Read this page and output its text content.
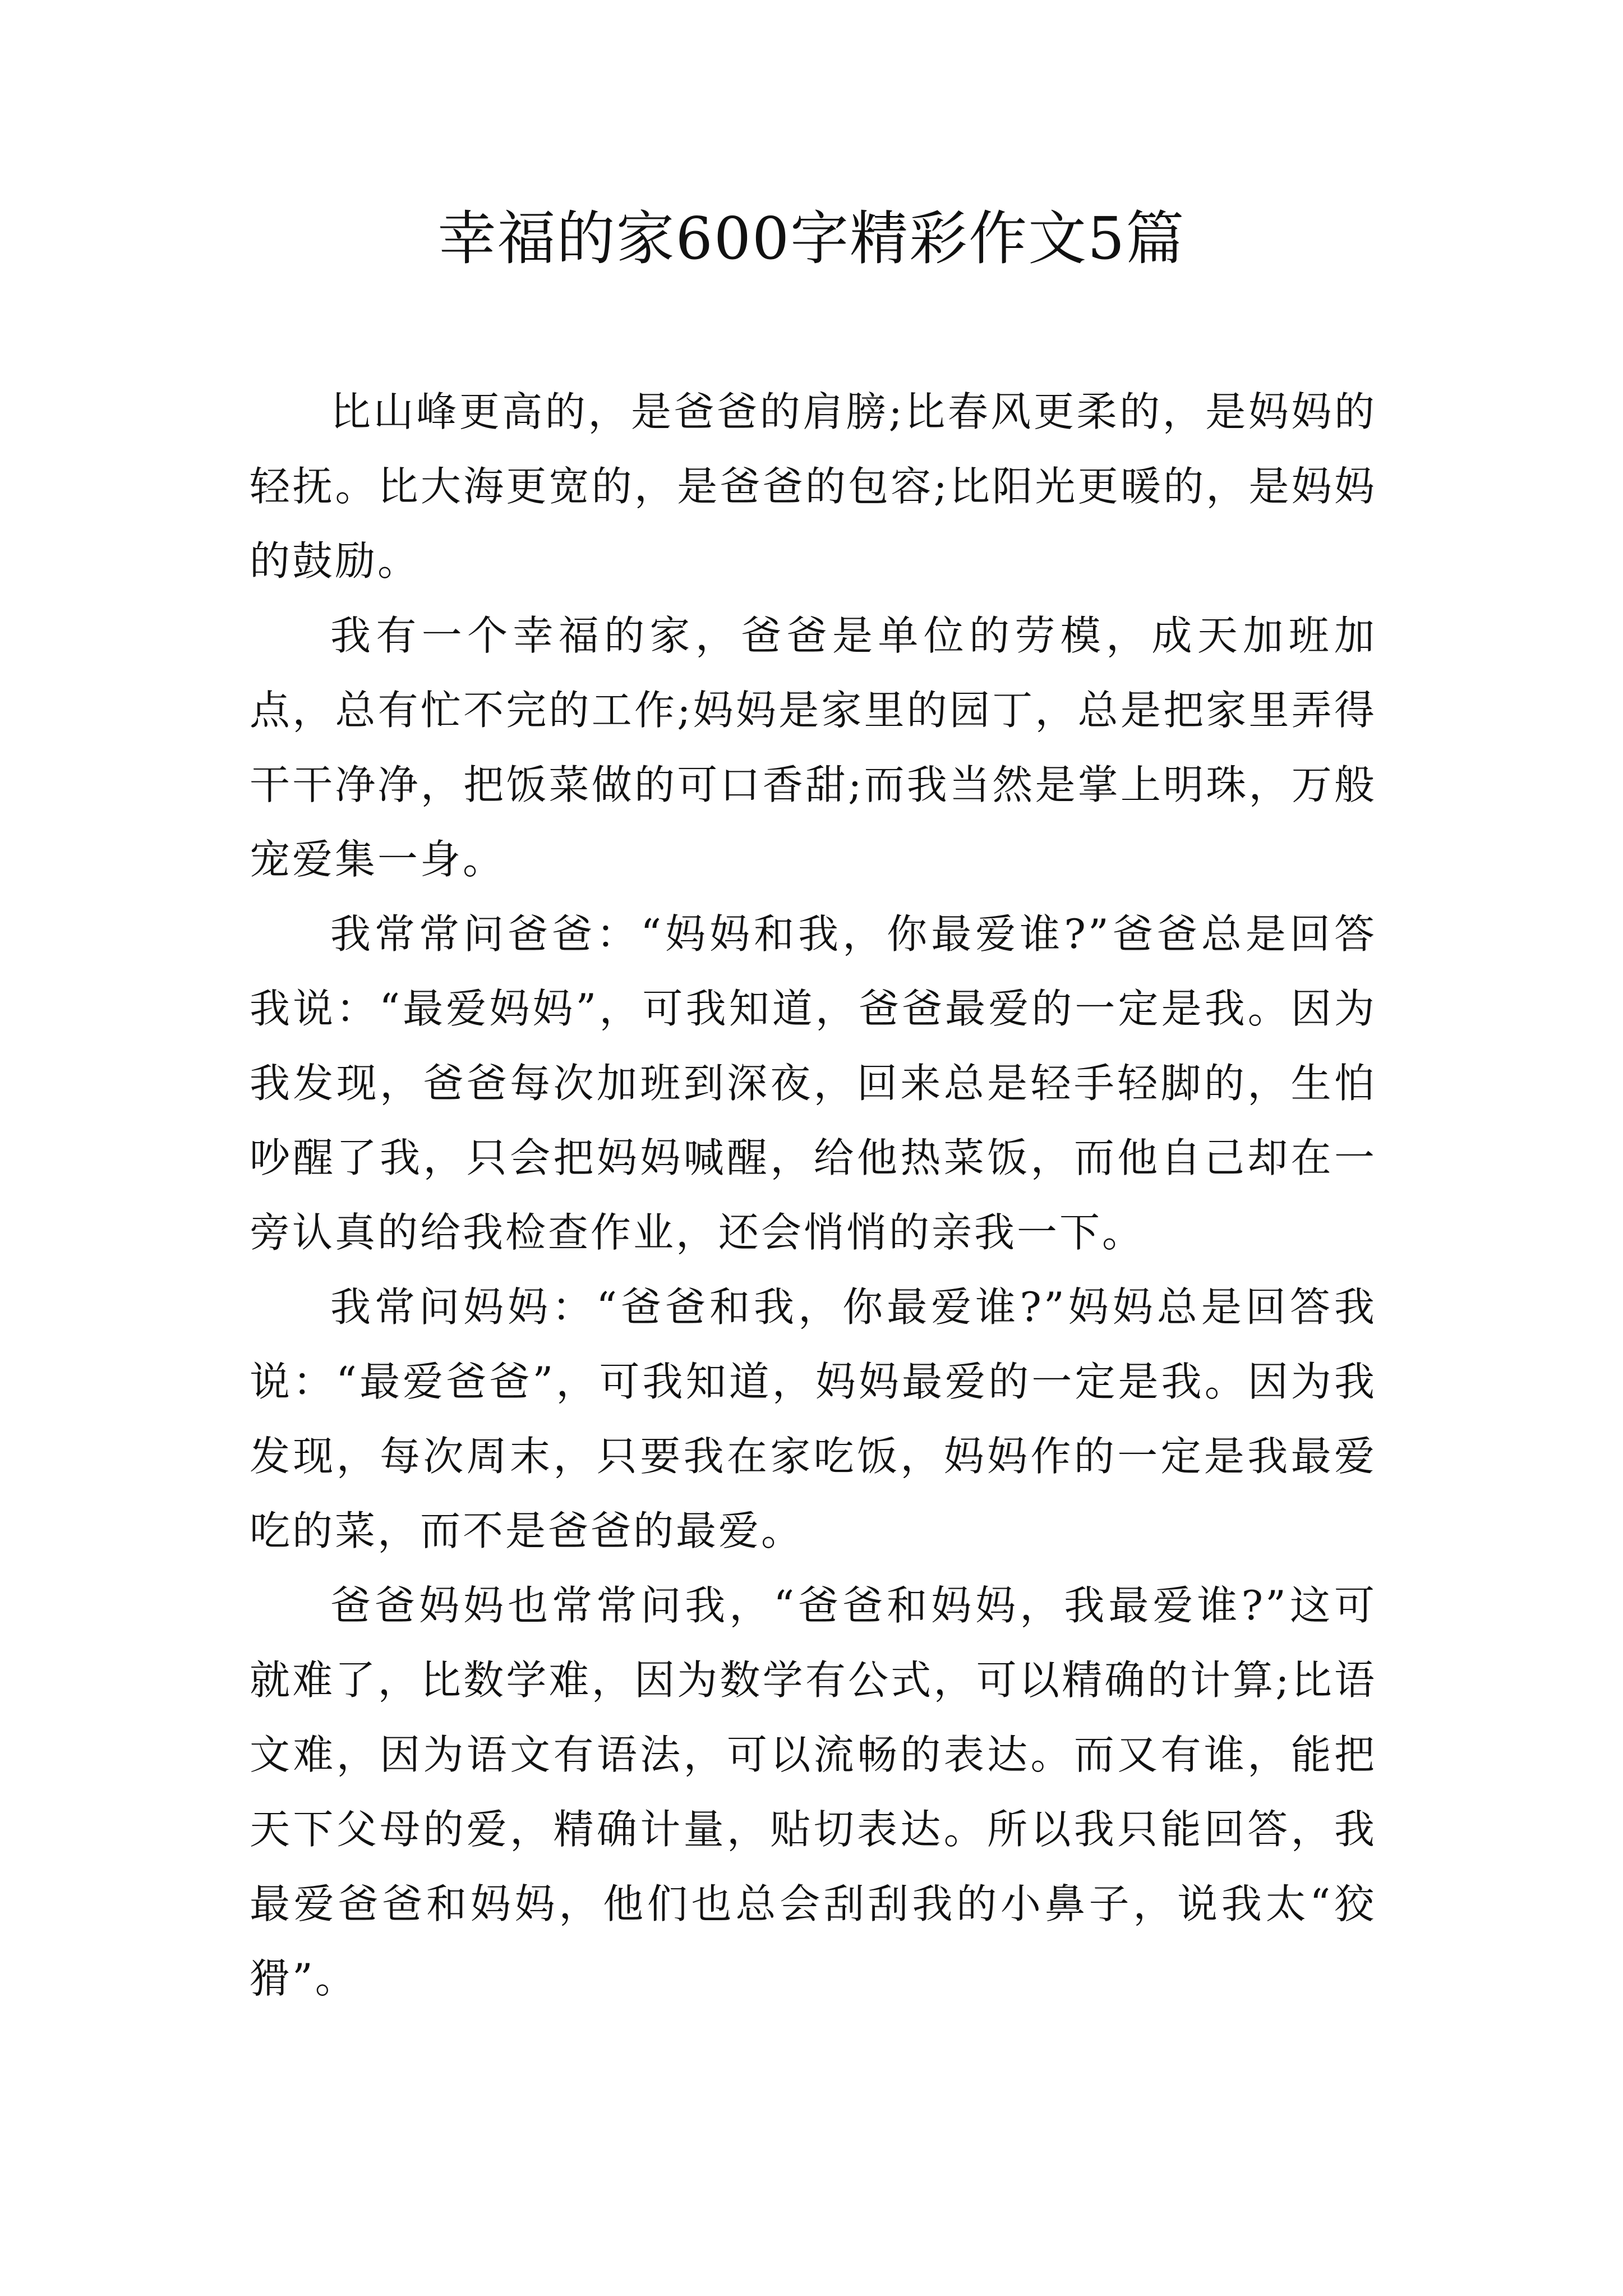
幸福的家600字精彩作文5篇

比山峰更高的，是爸爸的肩膀;比春风更柔的，是妈妈的轻抚。比大海更宽的，是爸爸的包容;比阳光更暖的，是妈妈的鼓励。

我有一个幸福的家，爸爸是单位的劳模，成天加班加点，总有忙不完的工作;妈妈是家里的园丁，总是把家里弄得干干净净，把饭菜做的可口香甜;而我当然是掌上明珠，万般宠爱集一身。

我常常问爸爸：“妈妈和我，你最爱谁?”爸爸总是回答我说：“最爱妈妈”，可我知道，爸爸最爱的一定是我。因为我发现，爸爸每次加班到深夜，回来总是轻手轻脚的，生怕吵醒了我，只会把妈妈喊醒，给他热菜饭，而他自己却在一旁认真的给我检查作业，还会悄悄的亲我一下。

我常问妈妈：“爸爸和我，你最爱谁?”妈妈总是回答我说：“最爱爸爸”，可我知道，妈妈最爱的一定是我。因为我发现，每次周末，只要我在家吃饭，妈妈作的一定是我最爱吃的菜，而不是爸爸的最爱。

爸爸妈妈也常常问我，“爸爸和妈妈，我最爱谁?”这可就难了，比数学难，因为数学有公式，可以精确的计算;比语文难，因为语文有语法，可以流畅的表达。而又有谁，能把天下父母的爱，精确计量，贴切表达。所以我只能回答，我最爱爸爸和妈妈，他们也总会刮刮我的小鼻子，说我太“狡猾”。
